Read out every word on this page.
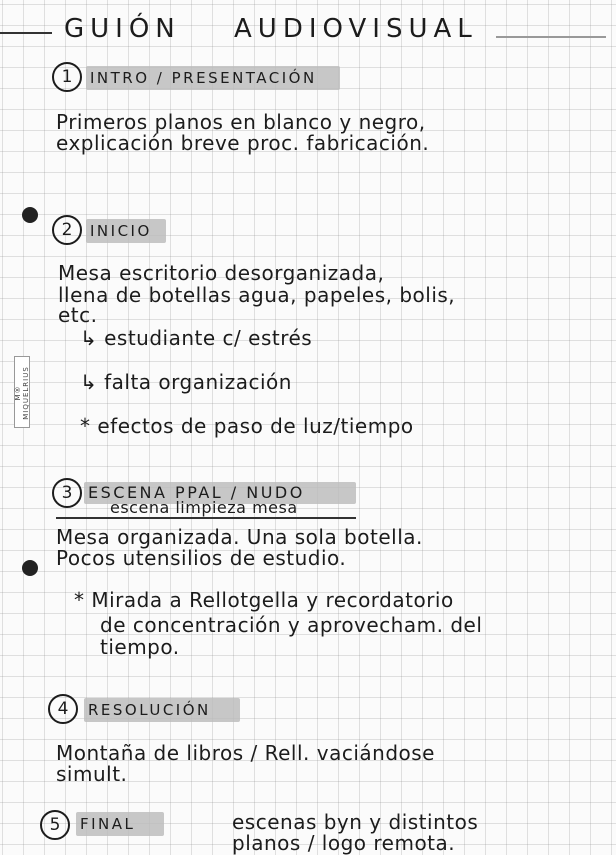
GUIÓN AUDIOVISUAL
M® MIQUELRIUS
1	INTRO / PRESENTACIÓN
Primeros planos en blanco y negro,
explicación breve proc. fabricación.
2	INICIO
Mesa escritorio desorganizada,
llena de botellas agua, papeles, bolis,
etc.
↳ estudiante c/ estrés
↳ falta organización
* efectos de paso de luz/tiempo
3 ESCENA PPAL / NUDO
escena limpieza mesa
Mesa organizada. Una sola botella.
Pocos utensilios de estudio.
* Mirada a Rellotgella y recordatorio
de concentración y aprovecham. del
tiempo.
4	RESOLUCIÓN
Montaña de libros / Rell. vaciándose
simult.
5	FINAL	escenas byn y distintos
planos / logo remota.
